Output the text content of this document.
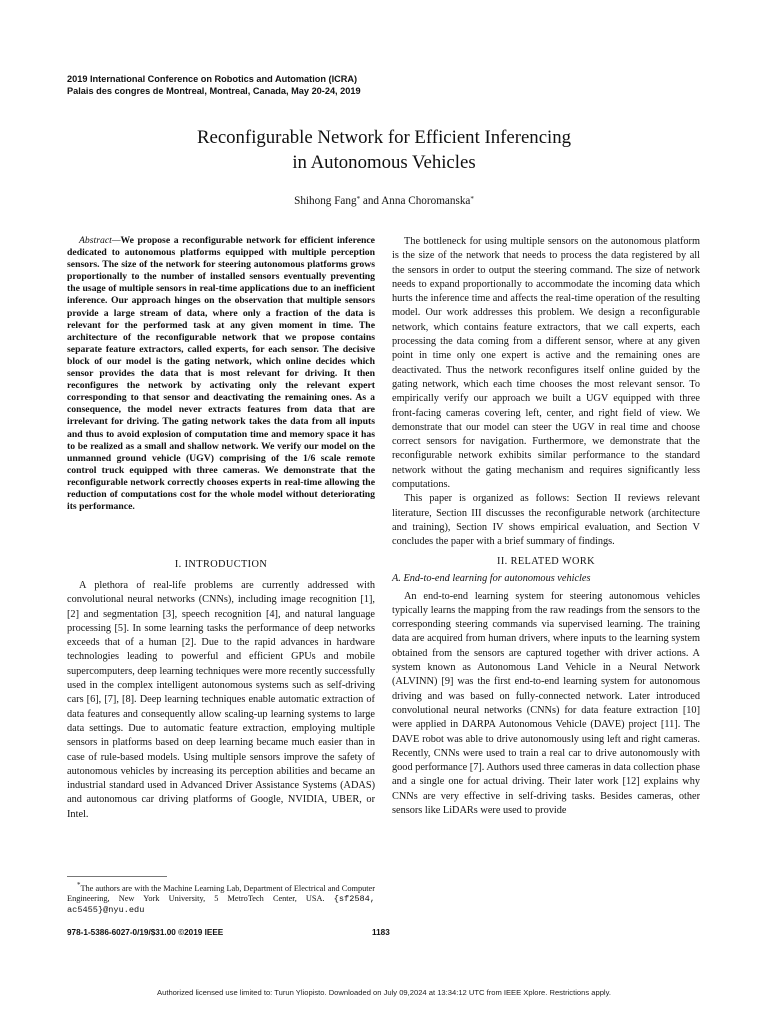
2019 International Conference on Robotics and Automation (ICRA)
Palais des congres de Montreal, Montreal, Canada, May 20-24, 2019
Reconfigurable Network for Efficient Inferencing
in Autonomous Vehicles
Shihong Fang* and Anna Choromanska*
Abstract—We propose a reconfigurable network for efficient inference dedicated to autonomous platforms equipped with multiple perception sensors. The size of the network for steering autonomous platforms grows proportionally to the number of installed sensors eventually preventing the usage of multiple sensors in real-time applications due to an inefficient inference. Our approach hinges on the observation that multiple sensors provide a large stream of data, where only a fraction of the data is relevant for the performed task at any given moment in time. The architecture of the reconfigurable network that we propose contains separate feature extractors, called experts, for each sensor. The decisive block of our model is the gating network, which online decides which sensor provides the data that is most relevant for driving. It then reconfigures the network by activating only the relevant expert corresponding to that sensor and deactivating the remaining ones. As a consequence, the model never extracts features from data that are irrelevant for driving. The gating network takes the data from all inputs and thus to avoid explosion of computation time and memory space it has to be realized as a small and shallow network. We verify our model on the unmanned ground vehicle (UGV) comprising of the 1/6 scale remote control truck equipped with three cameras. We demonstrate that the reconfigurable network correctly chooses experts in real-time allowing the reduction of computations cost for the whole model without deteriorating its performance.
I. INTRODUCTION

A plethora of real-life problems are currently addressed with convolutional neural networks (CNNs), including image recognition [1], [2] and segmentation [3], speech recognition [4], and natural language processing [5]. In some learning tasks the performance of deep networks exceeds that of a human [2]. Due to the rapid advances in hardware technologies leading to powerful and efficient GPUs and mobile supercomputers, deep learning techniques were more recently successfully used in the complex intelligent autonomous systems such as self-driving cars [6], [7], [8]. Deep learning techniques enable automatic extraction of data features and consequently allow scaling-up learning systems to large data settings. Due to automatic feature extraction, employing multiple sensors in platforms based on deep learning became much easier than in case of rule-based models. Using multiple sensors improve the safety of autonomous vehicles by increasing its perception abilities and became an industrial standard used in Advanced Driver Assistance Systems (ADAS) and autonomous car driving platforms of Google, NVIDIA, UBER, or Intel.

The bottleneck for using multiple sensors on the autonomous platform is the size of the network that needs to process the data registered by all the sensors in order to output the steering command. The size of network needs to expand proportionally to accommodate the incoming data which hurts the inference time and affects the real-time operation of the resulting model. Our work addresses this problem. We design a reconfigurable network, which contains feature extractors, that we call experts, each processing the data coming from a different sensor, where at any given point in time only one expert is active and the remaining ones are deactivated. Thus the network reconfigures itself online guided by the gating network, which each time chooses the most relevant sensor. To empirically verify our approach we built a UGV equipped with three front-facing cameras covering left, center, and right field of view. We demonstrate that our model can steer the UGV in real time and choose correct sensors for navigation. Furthermore, we demonstrate that the reconfigurable network exhibits similar performance to the standard network without the gating mechanism and requires significantly less computations.

This paper is organized as follows: Section II reviews relevant literature, Section III discusses the reconfigurable network (architecture and training), Section IV shows empirical evaluation, and Section V concludes the paper with a brief summary of findings.

II. RELATED WORK
A. End-to-end learning for autonomous vehicles

An end-to-end learning system for steering autonomous vehicles typically learns the mapping from the raw readings from the sensors to the corresponding steering commands via supervised learning. The training data are acquired from human drivers, where inputs to the learning system obtained from the sensors are captured together with driver actions. A system known as Autonomous Land Vehicle in a Neural Network (ALVINN) [9] was the first end-to-end learning system for autonomous driving and was based on fully-connected network. Later introduced convolutional neural networks (CNNs) for data feature extraction [10] were applied in DARPA Autonomous Vehicle (DAVE) project [11]. The DAVE robot was able to drive autonomously using left and right cameras. Recently, CNNs were used to train a real car to drive autonomously with good performance [7]. Authors used three cameras in data collection phase and a single one for actual driving. Their later work [12] explains why CNNs are very effective in self-driving tasks. Besides cameras, other sensors like LiDARs were used to provide

*The authors are with the Machine Learning Lab, Department of Electrical and Computer Engineering, New York University, 5 MetroTech Center, USA. {sf2584, ac5455}@nyu.edu

978-1-5386-6027-0/19/$31.00 ©2019 IEEE	1183
Authorized licensed use limited to: Turun Yliopisto. Downloaded on July 09,2024 at 13:34:12 UTC from IEEE Xplore. Restrictions apply.
